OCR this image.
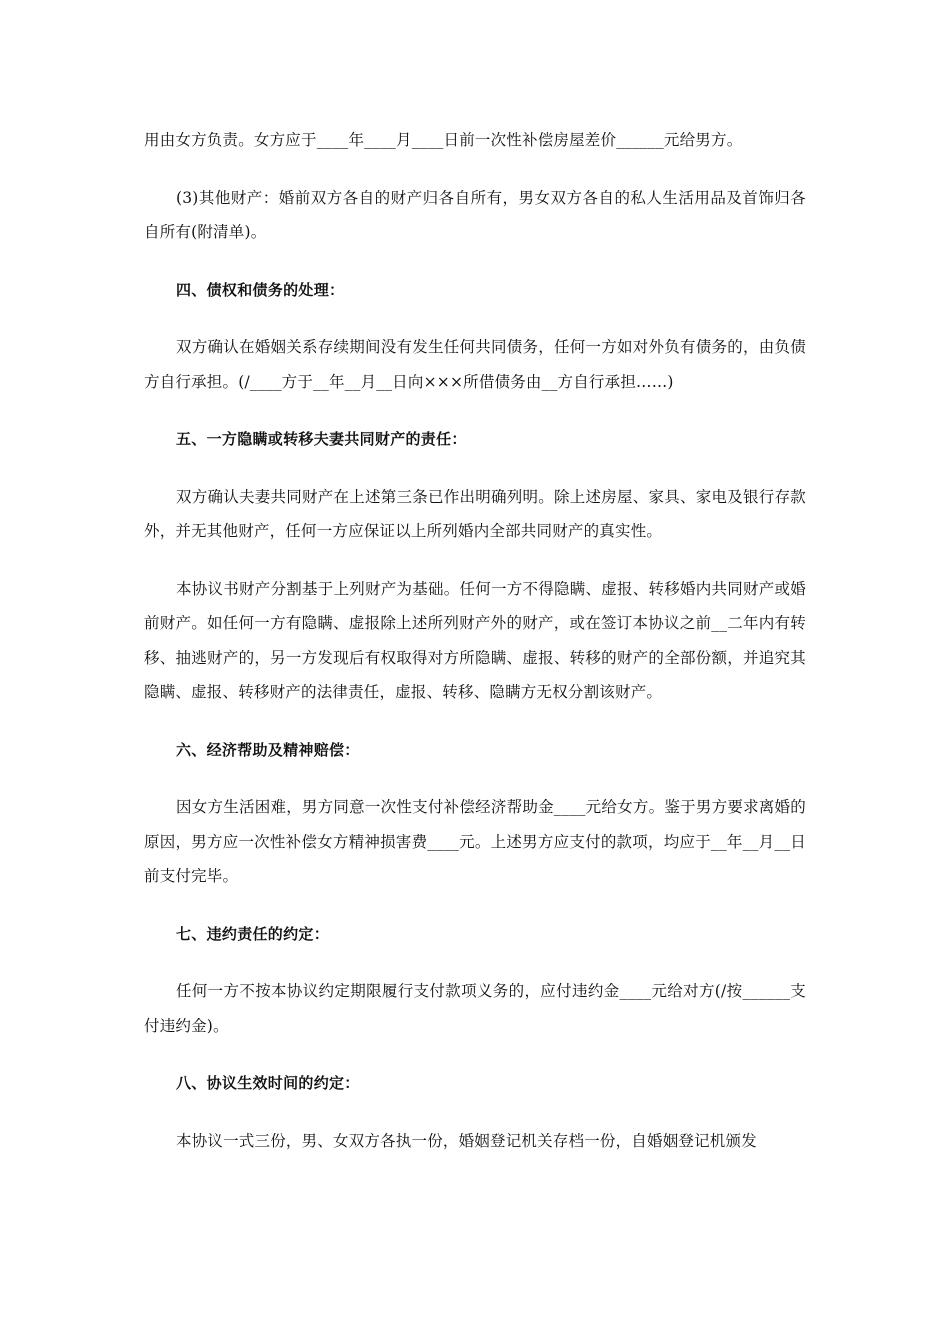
用由女方负责。女方应于____年____月____日前一次性补偿房屋差价______元给男方。

(3)其他财产：婚前双方各自的财产归各自所有，男女双方各自的私人生活用品及首饰归各自所有(附清单)。

四、债权和债务的处理：

双方确认在婚姻关系存续期间没有发生任何共同债务，任何一方如对外负有债务的，由负债方自行承担。(/____方于__年__月__日向×××所借债务由__方自行承担……)

五、一方隐瞒或转移夫妻共同财产的责任：

双方确认夫妻共同财产在上述第三条已作出明确列明。除上述房屋、家具、家电及银行存款外，并无其他财产，任何一方应保证以上所列婚内全部共同财产的真实性。

本协议书财产分割基于上列财产为基础。任何一方不得隐瞒、虚报、转移婚内共同财产或婚前财产。如任何一方有隐瞒、虚报除上述所列财产外的财产，或在签订本协议之前__二年内有转移、抽逃财产的，另一方发现后有权取得对方所隐瞒、虚报、转移的财产的全部份额，并追究其隐瞒、虚报、转移财产的法律责任，虚报、转移、隐瞒方无权分割该财产。

六、经济帮助及精神赔偿：

因女方生活困难，男方同意一次性支付补偿经济帮助金____元给女方。鉴于男方要求离婚的原因，男方应一次性补偿女方精神损害费____元。上述男方应支付的款项，均应于__年__月__日前支付完毕。

七、违约责任的约定：

任何一方不按本协议约定期限履行支付款项义务的，应付违约金____元给对方(/按______支付违约金)。

八、协议生效时间的约定：

本协议一式三份，男、女双方各执一份，婚姻登记机关存档一份，自婚姻登记机颁发
